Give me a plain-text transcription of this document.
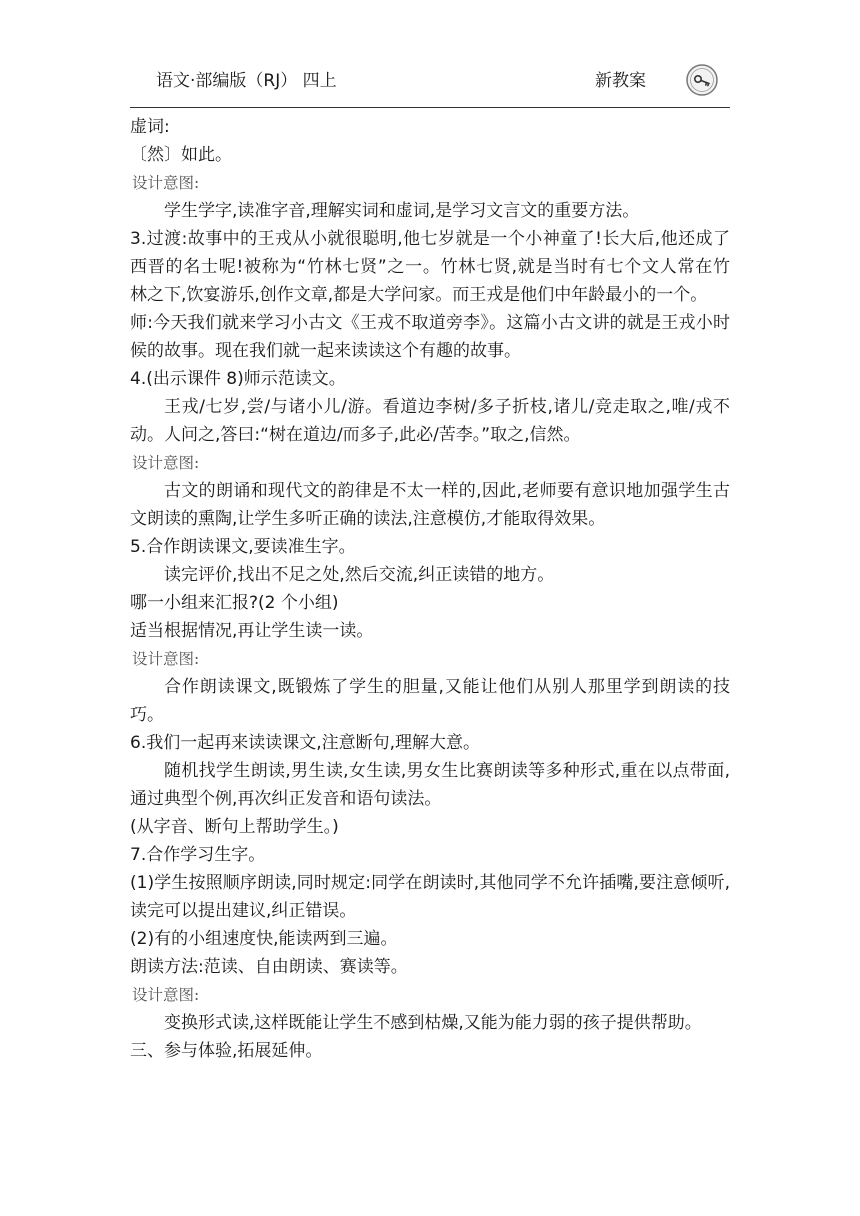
语文·部编版（RJ） 四上	新教案
虚词:
〔然〕如此。
设计意图:
学生学字,读准字音,理解实词和虚词,是学习文言文的重要方法。
3.过渡:故事中的王戎从小就很聪明,他七岁就是一个小神童了!长大后,他还成了
西晋的名士呢!被称为“竹林七贤”之一。竹林七贤,就是当时有七个文人常在竹
林之下,饮宴游乐,创作文章,都是大学问家。而王戎是他们中年龄最小的一个。
师:今天我们就来学习小古文《王戎不取道旁李》。这篇小古文讲的就是王戎小时
候的故事。现在我们就一起来读读这个有趣的故事。
4.(出示课件 8)师示范读文。
王戎/七岁,尝/与诸小儿/游。看道边李树/多子折枝,诸儿/竞走取之,唯/戎不
动。人问之,答曰:“树在道边/而多子,此必/苦李。”取之,信然。
设计意图:
古文的朗诵和现代文的韵律是不太一样的,因此,老师要有意识地加强学生古
文朗读的熏陶,让学生多听正确的读法,注意模仿,才能取得效果。
5.合作朗读课文,要读准生字。
读完评价,找出不足之处,然后交流,纠正读错的地方。
哪一小组来汇报?(2 个小组)
适当根据情况,再让学生读一读。
设计意图:
合作朗读课文,既锻炼了学生的胆量,又能让他们从别人那里学到朗读的技
巧。
6.我们一起再来读读课文,注意断句,理解大意。
随机找学生朗读,男生读,女生读,男女生比赛朗读等多种形式,重在以点带面,
通过典型个例,再次纠正发音和语句读法。
(从字音、断句上帮助学生。)
7.合作学习生字。
(1)学生按照顺序朗读,同时规定:同学在朗读时,其他同学不允许插嘴,要注意倾听,
读完可以提出建议,纠正错误。
(2)有的小组速度快,能读两到三遍。
朗读方法:范读、自由朗读、赛读等。
设计意图:
变换形式读,这样既能让学生不感到枯燥,又能为能力弱的孩子提供帮助。
三、参与体验,拓展延伸。
